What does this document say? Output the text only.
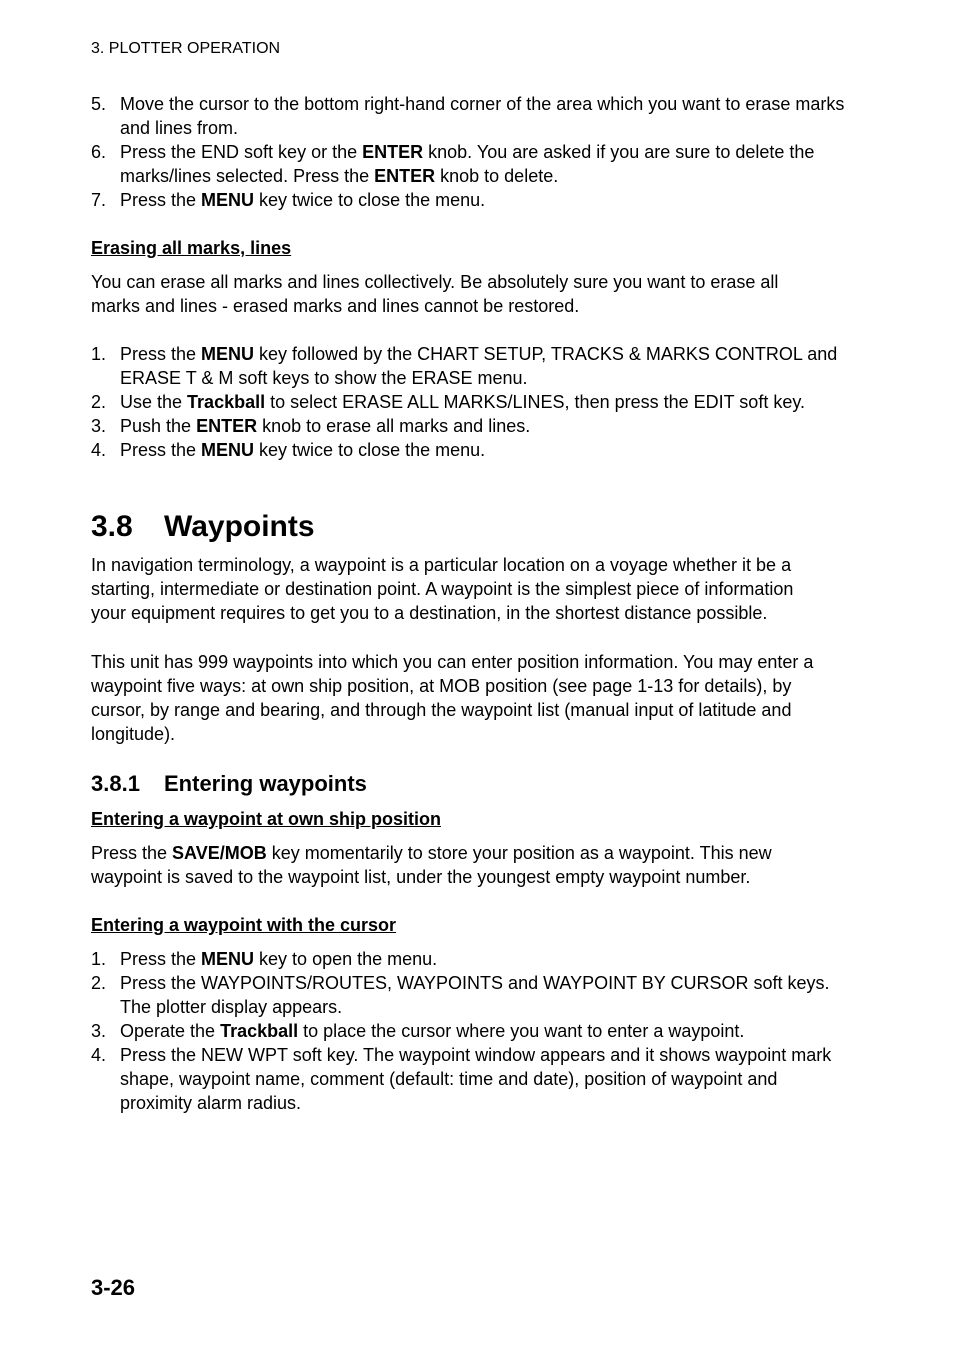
3. PLOTTER OPERATION
5. Move the cursor to the bottom right-hand corner of the area which you want to erase marks and lines from.
6. Press the END soft key or the ENTER knob. You are asked if you are sure to delete the marks/lines selected. Press the ENTER knob to delete.
7. Press the MENU key twice to close the menu.
Erasing all marks, lines
You can erase all marks and lines collectively. Be absolutely sure you want to erase all marks and lines - erased marks and lines cannot be restored.
1. Press the MENU key followed by the CHART SETUP, TRACKS & MARKS CONTROL and ERASE T & M soft keys to show the ERASE menu.
2. Use the Trackball to select ERASE ALL MARKS/LINES, then press the EDIT soft key.
3. Push the ENTER knob to erase all marks and lines.
4. Press the MENU key twice to close the menu.
3.8 Waypoints
In navigation terminology, a waypoint is a particular location on a voyage whether it be a starting, intermediate or destination point. A waypoint is the simplest piece of information your equipment requires to get you to a destination, in the shortest distance possible.
This unit has 999 waypoints into which you can enter position information. You may enter a waypoint five ways: at own ship position, at MOB position (see page 1-13 for details), by cursor, by range and bearing, and through the waypoint list (manual input of latitude and longitude).
3.8.1 Entering waypoints
Entering a waypoint at own ship position
Press the SAVE/MOB key momentarily to store your position as a waypoint. This new waypoint is saved to the waypoint list, under the youngest empty waypoint number.
Entering a waypoint with the cursor
1. Press the MENU key to open the menu.
2. Press the WAYPOINTS/ROUTES, WAYPOINTS and WAYPOINT BY CURSOR soft keys. The plotter display appears.
3. Operate the Trackball to place the cursor where you want to enter a waypoint.
4. Press the NEW WPT soft key. The waypoint window appears and it shows waypoint mark shape, waypoint name, comment (default: time and date), position of waypoint and proximity alarm radius.
3-26
